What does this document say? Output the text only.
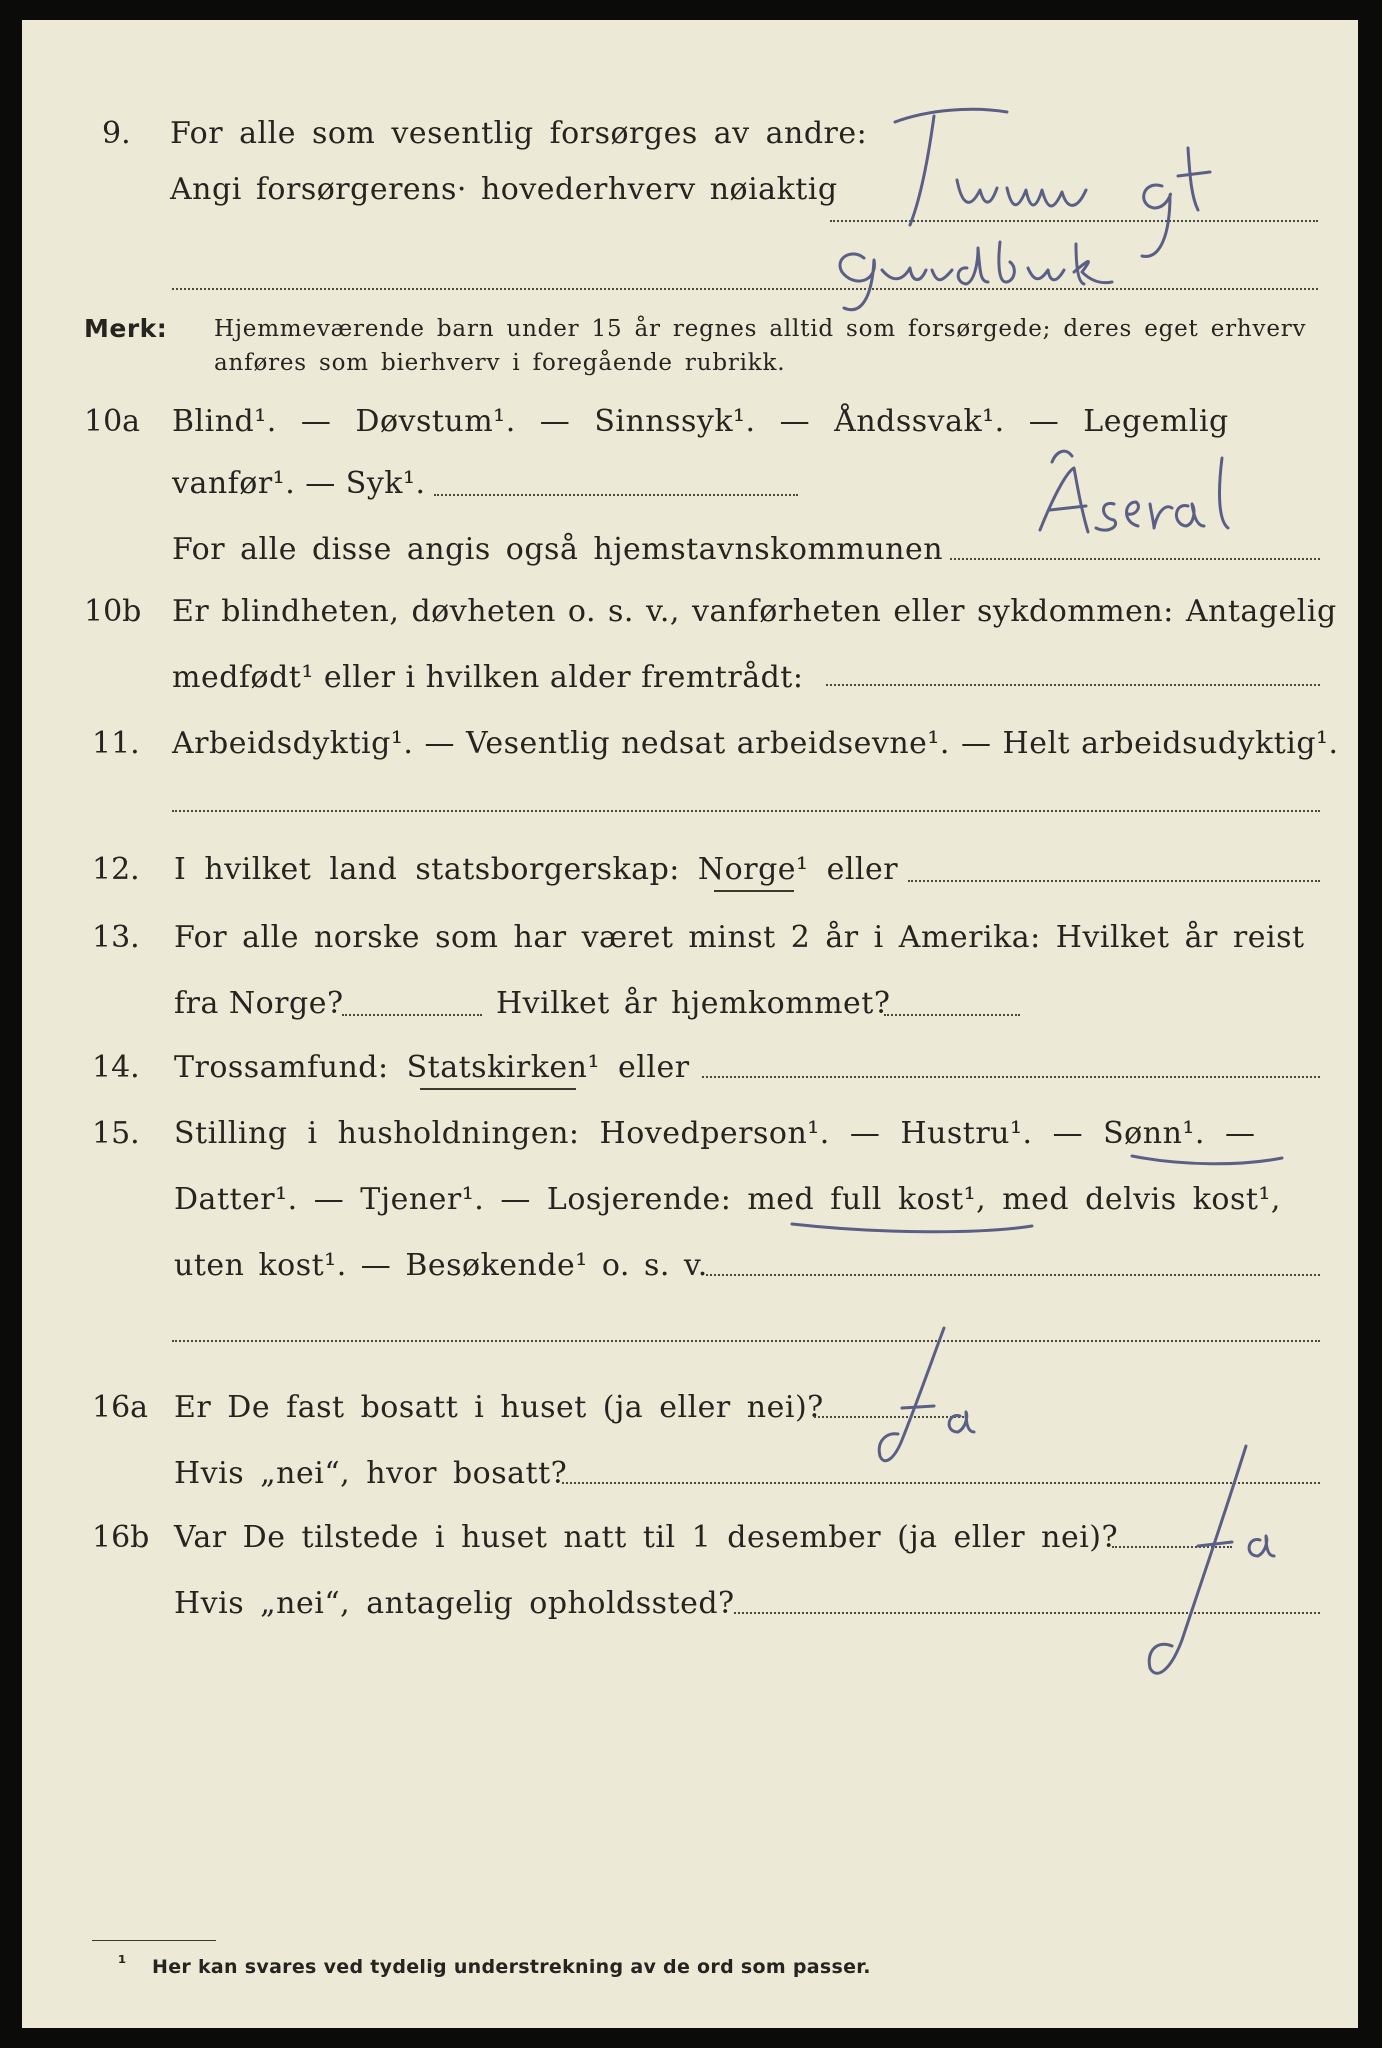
9. For alle som vesentlig forsørges av andre:
Angi forsørgerens· hovederhverv nøiaktig
Merk: Hjemmeværende barn under 15 år regnes alltid som forsørgede; deres eget erhverv
anføres som bierhverv i foregående rubrikk.
10a Blind¹. — Døvstum¹. — Sinnssyk¹. — Åndssvak¹. — Legemlig
vanfør¹. — Syk¹.
For alle disse angis også hjemstavnskommunen
10b Er blindheten, døvheten o. s. v., vanførheten eller sykdommen: Antagelig
medfødt¹ eller i hvilken alder fremtrådt:
11. Arbeidsdyktig¹. — Vesentlig nedsat arbeidsevne¹. — Helt arbeidsudyktig¹.
12. I hvilket land statsborgerskap: Norge¹ eller
13. For alle norske som har været minst 2 år i Amerika: Hvilket år reist
fra Norge?	Hvilket år hjemkommet?
14. Trossamfund: Statskirken¹ eller
15. Stilling i husholdningen: Hovedperson¹. — Hustru¹. — Sønn¹. —
Datter¹. — Tjener¹. — Losjerende: med full kost¹, med delvis kost¹,
uten kost¹. — Besøkende¹ o. s. v.
16a Er De fast bosatt i huset (ja eller nei)?
Hvis „nei“, hvor bosatt?
16b Var De tilstede i huset natt til 1 desember (ja eller nei)?
Hvis „nei“, antagelig opholdssted?
¹ Her kan svares ved tydelig understrekning av de ord som passer.
